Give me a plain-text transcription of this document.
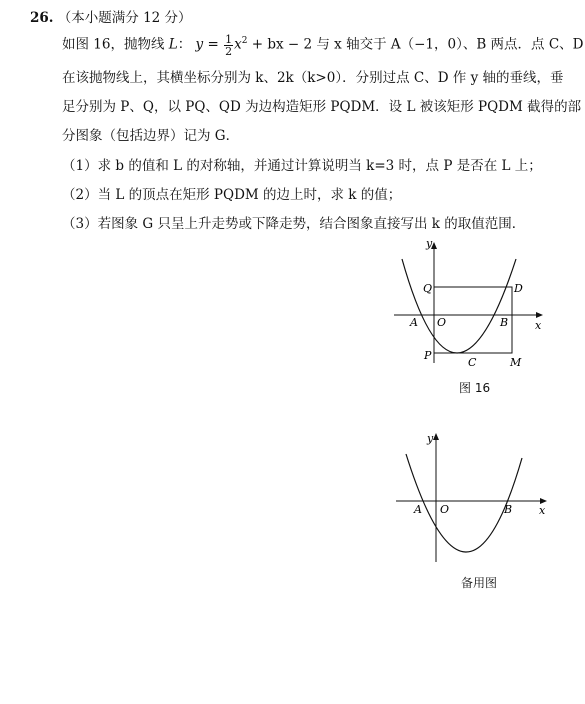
26. （本小题满分 12 分）
如图 16，抛物线 L： $y = \frac{1}{2} x^2$ + bx − 2 与 x 轴交于 A（−1，0）、B 两点．点 C、D
在该抛物线上，其横坐标分别为 k、2k（k>0）．分别过点 C、D 作 y 轴的垂线，垂
足分别为 P、Q，以 PQ、QD 为边构造矩形 PQDM．设 L 被该矩形 PQDM 截得的部
分图象（包括边界）记为 G．
（1）求 b 的值和 L 的对称轴，并通过计算说明当 k=3 时，点 P 是否在 L 上；
（2）当 L 的顶点在矩形 PQDM 的边上时，求 k 的值；
（3）若图象 G 只呈上升走势或下降走势，结合图象直接写出 k 的取值范围．
y
x
Q	D
A O	B
P
C	M
图 16
y
x
A O	B
备用图
